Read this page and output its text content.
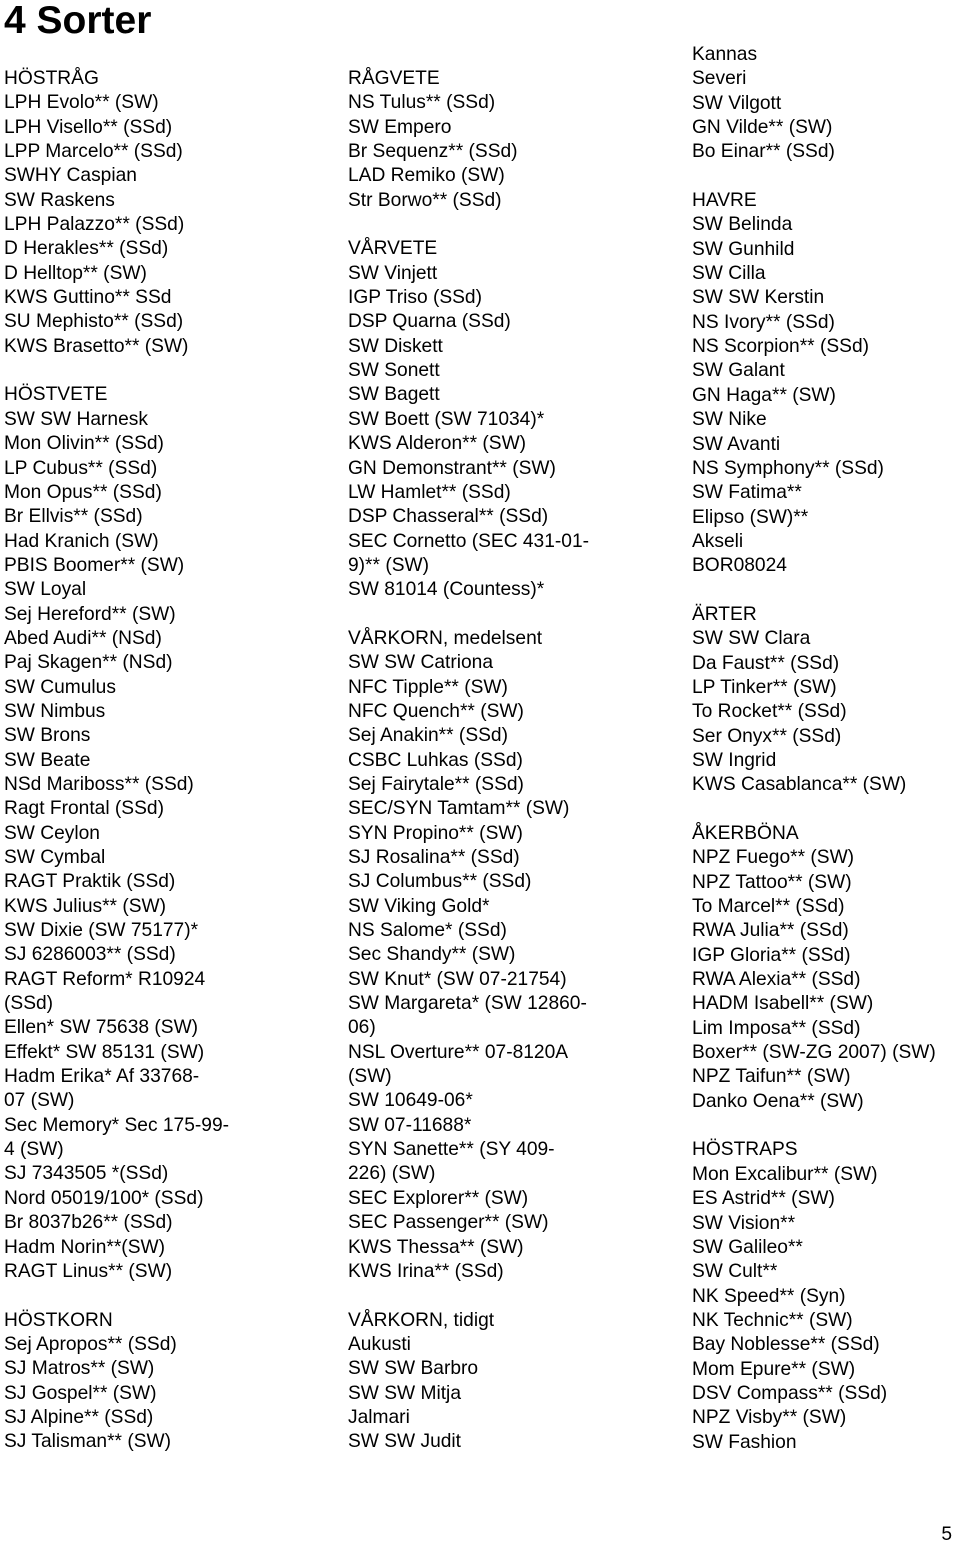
4 Sorter
HÖSTRÅG
LPH Evolo** (SW)
LPH Visello** (SSd)
LPP Marcelo** (SSd)
SWHY Caspian
SW Raskens
LPH Palazzo** (SSd)
D Herakles** (SSd)
D Helltop** (SW)
KWS Guttino** SSd
SU Mephisto** (SSd)
KWS Brasetto** (SW)
HÖSTVETE
SW SW Harnesk
Mon Olivin** (SSd)
LP Cubus** (SSd)
Mon Opus** (SSd)
Br Ellvis** (SSd)
Had Kranich (SW)
PBIS Boomer** (SW)
SW Loyal
Sej Hereford** (SW)
Abed Audi** (NSd)
Paj Skagen** (NSd)
SW Cumulus
SW Nimbus
SW Brons
SW Beate
NSd Mariboss** (SSd)
Ragt Frontal (SSd)
SW Ceylon
SW Cymbal
RAGT Praktik (SSd)
KWS Julius** (SW)
SW Dixie (SW 75177)*
SJ 6286003** (SSd)
RAGT Reform* R10924
(SSd)
Ellen* SW 75638 (SW)
Effekt* SW 85131 (SW)
Hadm Erika* Af 33768-
07 (SW)
Sec Memory* Sec 175-99-
4 (SW)
SJ 7343505 *(SSd)
Nord 05019/100* (SSd)
Br 8037b26** (SSd)
Hadm Norin**(SW)
RAGT Linus** (SW)
HÖSTKORN
Sej Apropos** (SSd)
SJ Matros** (SW)
SJ Gospel** (SW)
SJ Alpine** (SSd)
SJ Talisman** (SW)
RÅGVETE
NS Tulus** (SSd)
SW Empero
Br Sequenz** (SSd)
LAD Remiko (SW)
Str Borwo** (SSd)
VÅRVETE
SW Vinjett
IGP Triso (SSd)
DSP Quarna (SSd)
SW Diskett
SW Sonett
SW Bagett
SW Boett (SW 71034)*
KWS Alderon** (SW)
GN Demonstrant** (SW)
LW Hamlet** (SSd)
DSP Chasseral** (SSd)
SEC Cornetto (SEC 431-01-
9)** (SW)
SW 81014 (Countess)*
VÅRKORN, medelsent
SW SW Catriona
NFC Tipple** (SW)
NFC Quench** (SW)
Sej Anakin** (SSd)
CSBC Luhkas (SSd)
Sej Fairytale** (SSd)
SEC/SYN Tamtam** (SW)
SYN Propino** (SW)
SJ Rosalina** (SSd)
SJ Columbus** (SSd)
SW Viking Gold*
NS Salome* (SSd)
Sec Shandy** (SW)
SW Knut* (SW 07-21754)
SW Margareta* (SW 12860-
06)
NSL Overture** 07-8120A
(SW)
SW 10649-06*
SW 07-11688*
SYN Sanette** (SY 409-
226) (SW)
SEC Explorer** (SW)
SEC Passenger** (SW)
KWS Thessa** (SW)
KWS Irina** (SSd)
VÅRKORN, tidigt
Aukusti
SW SW Barbro
SW SW Mitja
Jalmari
SW SW Judit
Kannas
Severi
SW Vilgott
GN Vilde** (SW)
Bo Einar** (SSd)
HAVRE
SW Belinda
SW Gunhild
SW Cilla
SW SW Kerstin
NS Ivory** (SSd)
NS Scorpion** (SSd)
SW Galant
GN Haga** (SW)
SW Nike
SW Avanti
NS Symphony** (SSd)
SW Fatima**
Elipso (SW)**
Akseli
BOR08024
ÄRTER
SW SW Clara
Da Faust** (SSd)
LP Tinker** (SW)
To Rocket** (SSd)
Ser Onyx** (SSd)
SW Ingrid
KWS Casablanca** (SW)
ÅKERBÖNA
NPZ Fuego** (SW)
NPZ Tattoo** (SW)
To Marcel** (SSd)
RWA Julia** (SSd)
IGP Gloria** (SSd)
RWA Alexia** (SSd)
HADM Isabell** (SW)
Lim Imposa** (SSd)
Boxer** (SW-ZG 2007) (SW)
NPZ Taifun** (SW)
Danko Oena** (SW)
HÖSTRAPS
Mon Excalibur** (SW)
ES Astrid** (SW)
SW Vision**
SW Galileo**
SW Cult**
NK Speed** (Syn)
NK Technic** (SW)
Bay Noblesse** (SSd)
Mom Epure** (SW)
DSV Compass** (SSd)
NPZ Visby** (SW)
SW Fashion
5
